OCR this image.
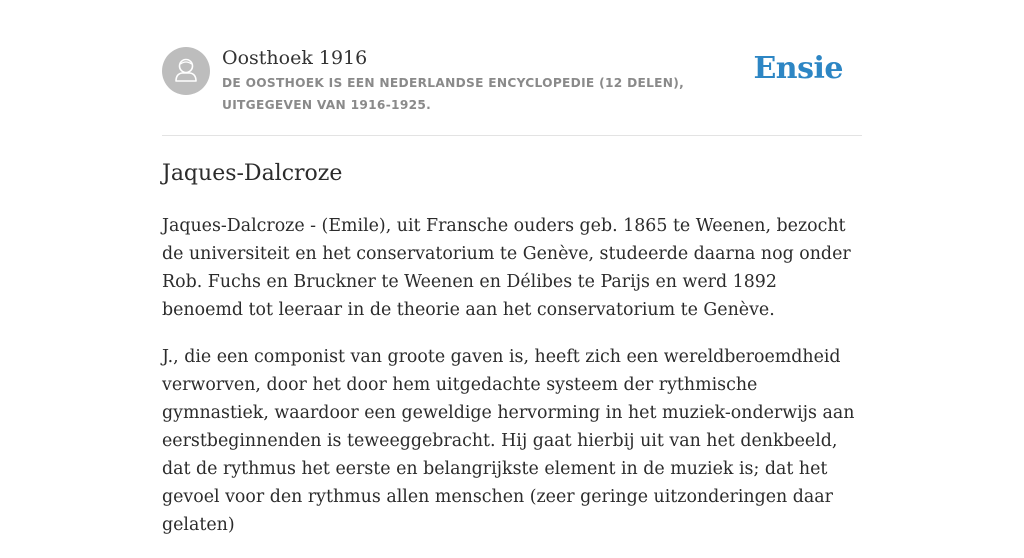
Oosthoek 1916
DE OOSTHOEK IS EEN NEDERLANDSE ENCYCLOPEDIE (12 DELEN), UITGEGEVEN VAN 1916-1925.
Ensie
Jaques-Dalcroze

Jaques-Dalcroze - (Emile), uit Fransche ouders geb. 1865 te Weenen, bezocht de universiteit en het conservatorium te Genève, studeerde daarna nog onder Rob. Fuchs en Bruckner te Weenen en Délibes te Parijs en werd 1892 benoemd tot leeraar in de theorie aan het conservatorium te Genève.

J., die een componist van groote gaven is, heeft zich een wereldberoemdheid verworven, door het door hem uitgedachte systeem der rythmische gymnastiek, waardoor een geweldige hervorming in het muziek-onderwijs aan eerstbeginnenden is teweeggebracht. Hij gaat hierbij uit van het denkbeeld, dat de rythmus het eerste en belangrijkste element in de muziek is; dat het gevoel voor den rythmus allen menschen (zeer geringe uitzonderingen daar gelaten)
